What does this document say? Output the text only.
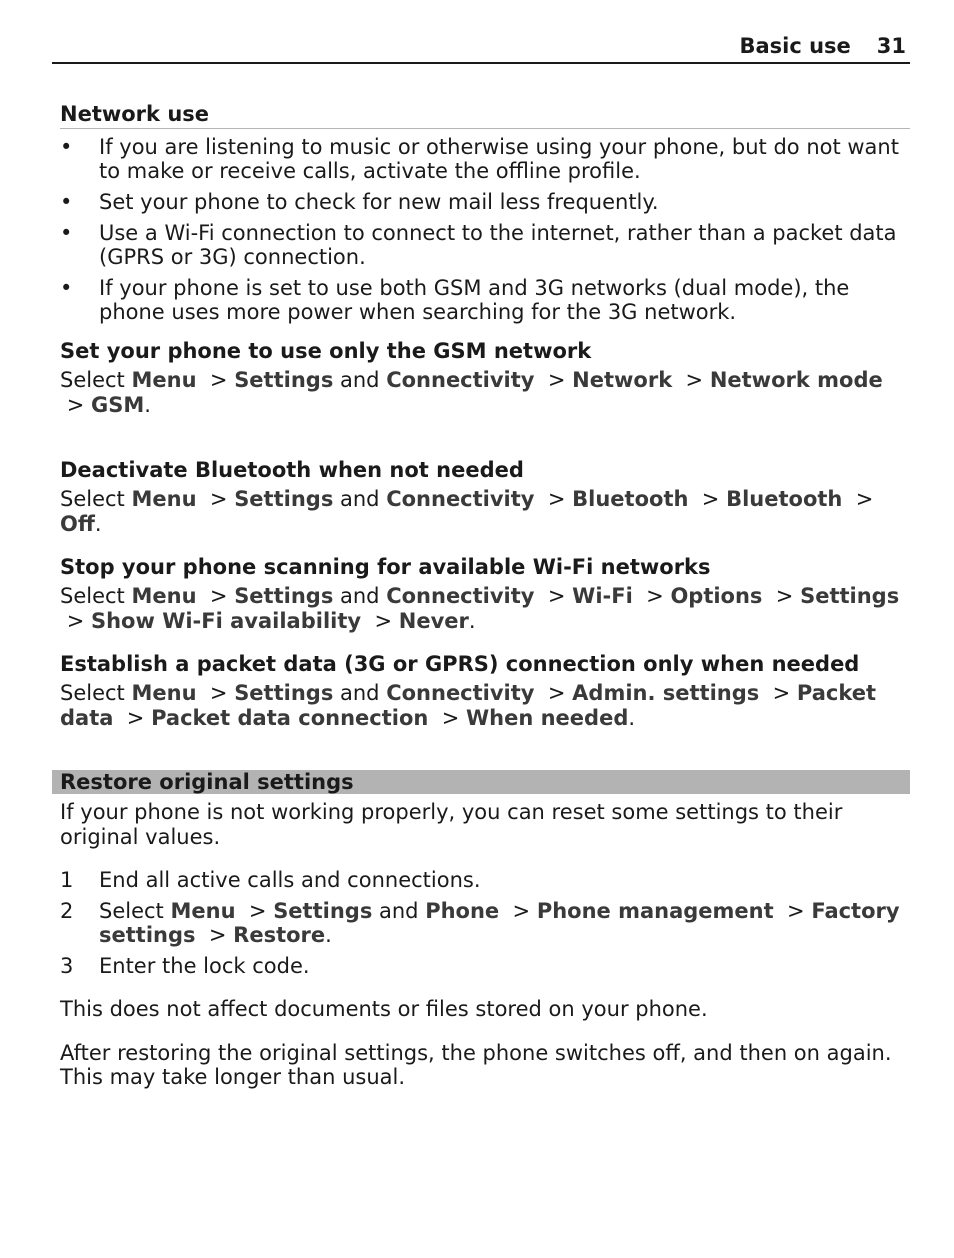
Basic use 31
Network use
• If you are listening to music or otherwise using your phone, but do not want to make or receive calls, activate the offline profile.
• Set your phone to check for new mail less frequently.
• Use a Wi-Fi connection to connect to the internet, rather than a packet data (GPRS or 3G) connection.
• If your phone is set to use both GSM and 3G networks (dual mode), the phone uses more power when searching for the 3G network.
Set your phone to use only the GSM network
Select Menu > Settings and Connectivity > Network > Network mode  > GSM.
Deactivate Bluetooth when not needed
Select Menu > Settings and Connectivity > Bluetooth > Bluetooth > Off.
Stop your phone scanning for available Wi-Fi networks
Select Menu > Settings and Connectivity > Wi-Fi > Options > Settings  > Show Wi-Fi availability > Never.
Establish a packet data (3G or GPRS) connection only when needed
Select Menu > Settings and Connectivity > Admin. settings > Packet data > Packet data connection > When needed.
Restore original settings
If your phone is not working properly, you can reset some settings to their original values.
1 End all active calls and connections.
2 Select Menu > Settings and Phone > Phone management > Factory settings > Restore.
3 Enter the lock code.
This does not affect documents or files stored on your phone.
After restoring the original settings, the phone switches off, and then on again. This may take longer than usual.
